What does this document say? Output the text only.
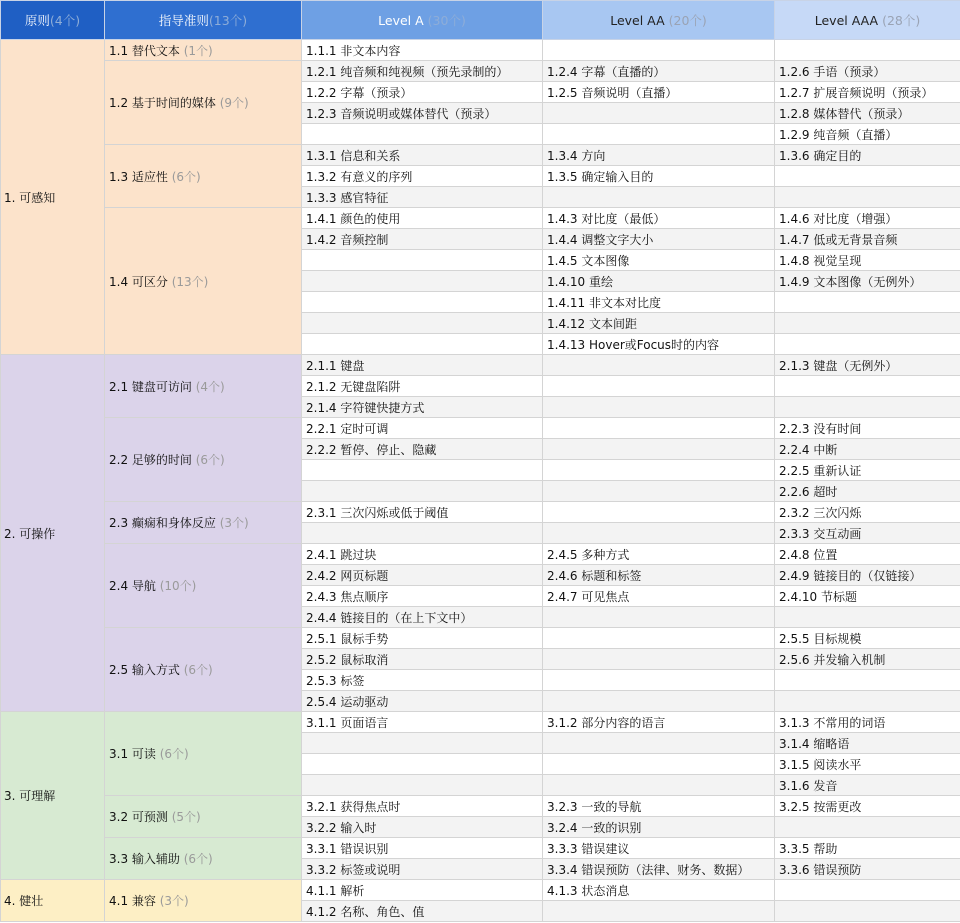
原则(4个)	指导准则(13个)	Level A (30个)	Level AA (20个)	Level AAA (28个)
1. 可感知	1.1 替代文本 (1个)	1.1.1 非文本内容		
	1.2 基于时间的媒体 (9个)	1.2.1 纯音频和纯视频（预先录制的）	1.2.4 字幕（直播的）	1.2.6 手语（预录）
		1.2.2 字幕（预录）	1.2.5 音频说明（直播）	1.2.7 扩展音频说明（预录）
		1.2.3 音频说明或媒体替代（预录）		1.2.8 媒体替代（预录）
				1.2.9 纯音频（直播）
	1.3 适应性 (6个)	1.3.1 信息和关系	1.3.4 方向	1.3.6 确定目的
		1.3.2 有意义的序列	1.3.5 确定输入目的	
		1.3.3 感官特征		
	1.4 可区分 (13个)	1.4.1 颜色的使用	1.4.3 对比度（最低）	1.4.6 对比度（增强）
		1.4.2 音频控制	1.4.4 调整文字大小	1.4.7 低或无背景音频
			1.4.5 文本图像	1.4.8 视觉呈现
			1.4.10 重绘	1.4.9 文本图像（无例外）
			1.4.11 非文本对比度	
			1.4.12 文本间距	
			1.4.13 Hover或Focus时的内容	
2. 可操作	2.1 键盘可访问 (4个)	2.1.1 键盘		2.1.3 键盘（无例外）
		2.1.2 无键盘陷阱		
		2.1.4 字符键快捷方式		
	2.2 足够的时间 (6个)	2.2.1 定时可调		2.2.3 没有时间
		2.2.2 暂停、停止、隐藏		2.2.4 中断
				2.2.5 重新认证
				2.2.6 超时
	2.3 癫痫和身体反应 (3个)	2.3.1 三次闪烁或低于阈值		2.3.2 三次闪烁
				2.3.3 交互动画
	2.4 导航 (10个)	2.4.1 跳过块	2.4.5 多种方式	2.4.8 位置
		2.4.2 网页标题	2.4.6 标题和标签	2.4.9 链接目的（仅链接）
		2.4.3 焦点顺序	2.4.7 可见焦点	2.4.10 节标题
		2.4.4 链接目的（在上下文中）		
	2.5 输入方式 (6个)	2.5.1 鼠标手势		2.5.5 目标规模
		2.5.2 鼠标取消		2.5.6 并发输入机制
		2.5.3 标签		
		2.5.4 运动驱动		
3. 可理解	3.1 可读 (6个)	3.1.1 页面语言	3.1.2 部分内容的语言	3.1.3 不常用的词语
				3.1.4 缩略语
				3.1.5 阅读水平
				3.1.6 发音
	3.2 可预测 (5个)	3.2.1 获得焦点时	3.2.3 一致的导航	3.2.5 按需更改
		3.2.2 输入时	3.2.4 一致的识别	
	3.3 输入辅助 (6个)	3.3.1 错误识别	3.3.3 错误建议	3.3.5 帮助
		3.3.2 标签或说明	3.3.4 错误预防（法律、财务、数据）	3.3.6 错误预防
4. 健壮	4.1 兼容 (3个)	4.1.1 解析	4.1.3 状态消息	
		4.1.2 名称、角色、值		
